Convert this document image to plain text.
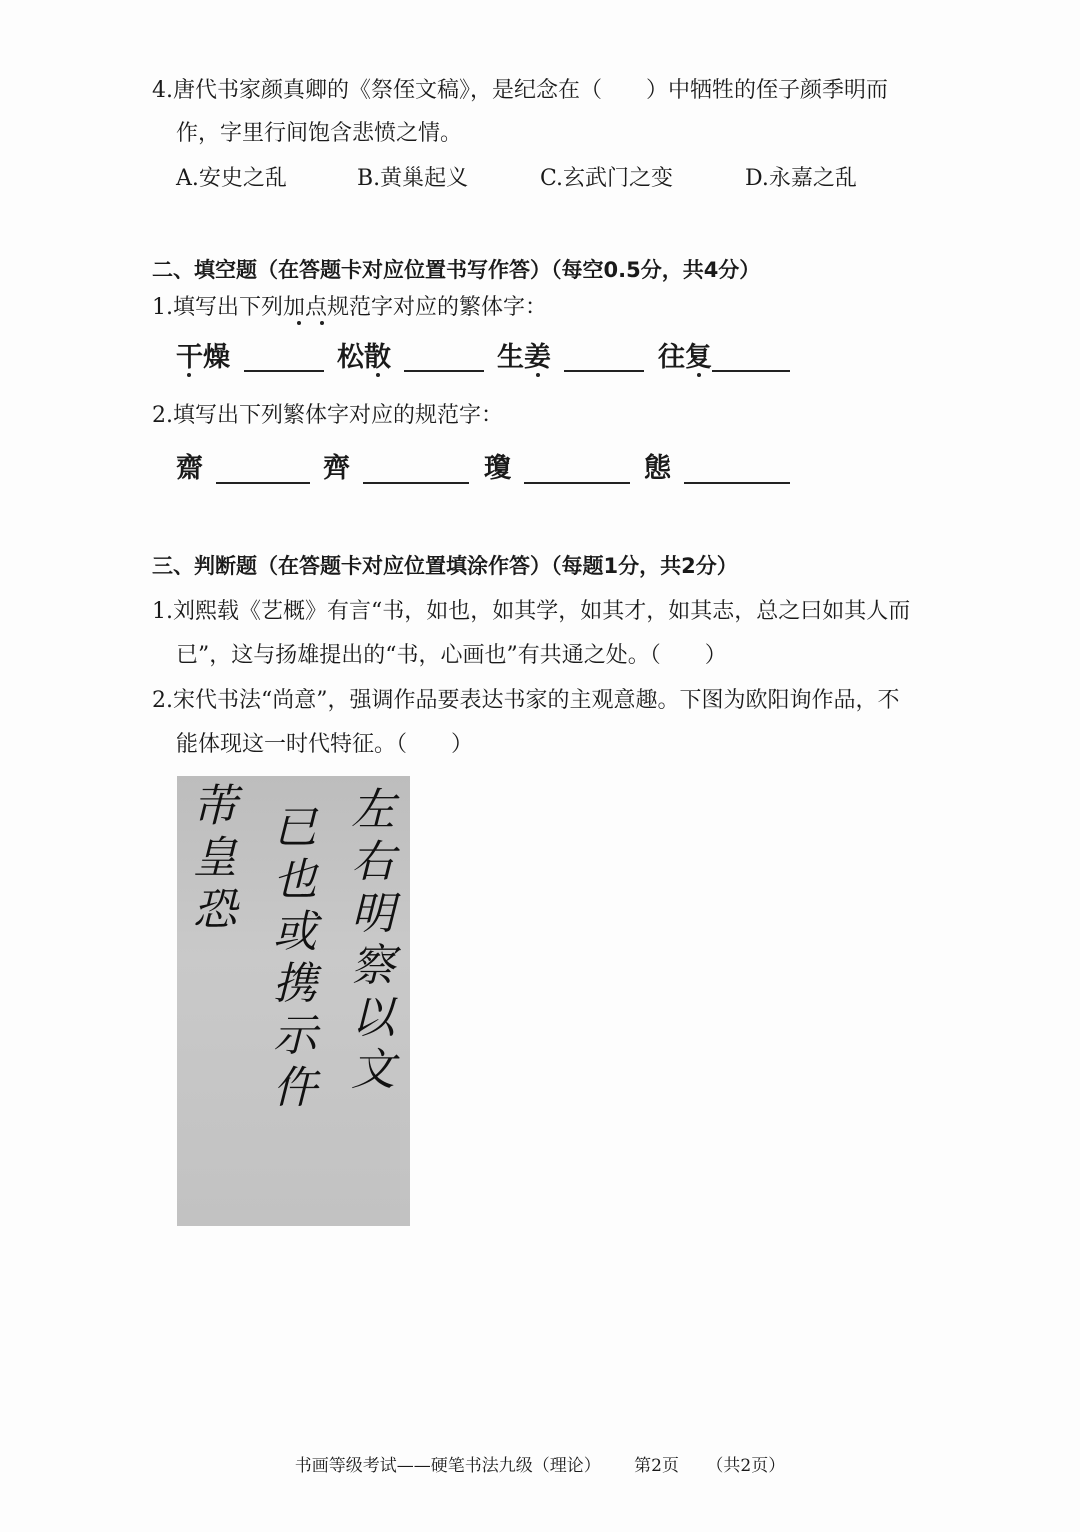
4.唐代书家颜真卿的《祭侄文稿》，是纪念在（　　）中牺牲的侄子颜季明而
作，字里行间饱含悲愤之情。
A.安史之乱	B.黄巢起义	C.玄武门之变	D.永嘉之乱
二、填空题（在答题卡对应位置书写作答）（每空0.5分，共4分）
1.填写出下列加点规范字对应的繁体字：
干燥	松散	生姜	往复
2.填写出下列繁体字对应的规范字：
齋	齊	瓊	態
三、判断题（在答题卡对应位置填涂作答）（每题1分，共2分）
1.刘熙载《艺概》有言“书，如也，如其学，如其才，如其志，总之曰如其人而
已”，这与扬雄提出的“书，心画也”有共通之处。（　　）
2.宋代书法“尚意”，强调作品要表达书家的主观意趣。下图为欧阳询作品，不
能体现这一时代特征。（　　）
左右明察以文
已也或携示仵
芾皇恐
书画等级考试——硬笔书法九级（理论） 第2页 （共2页）
